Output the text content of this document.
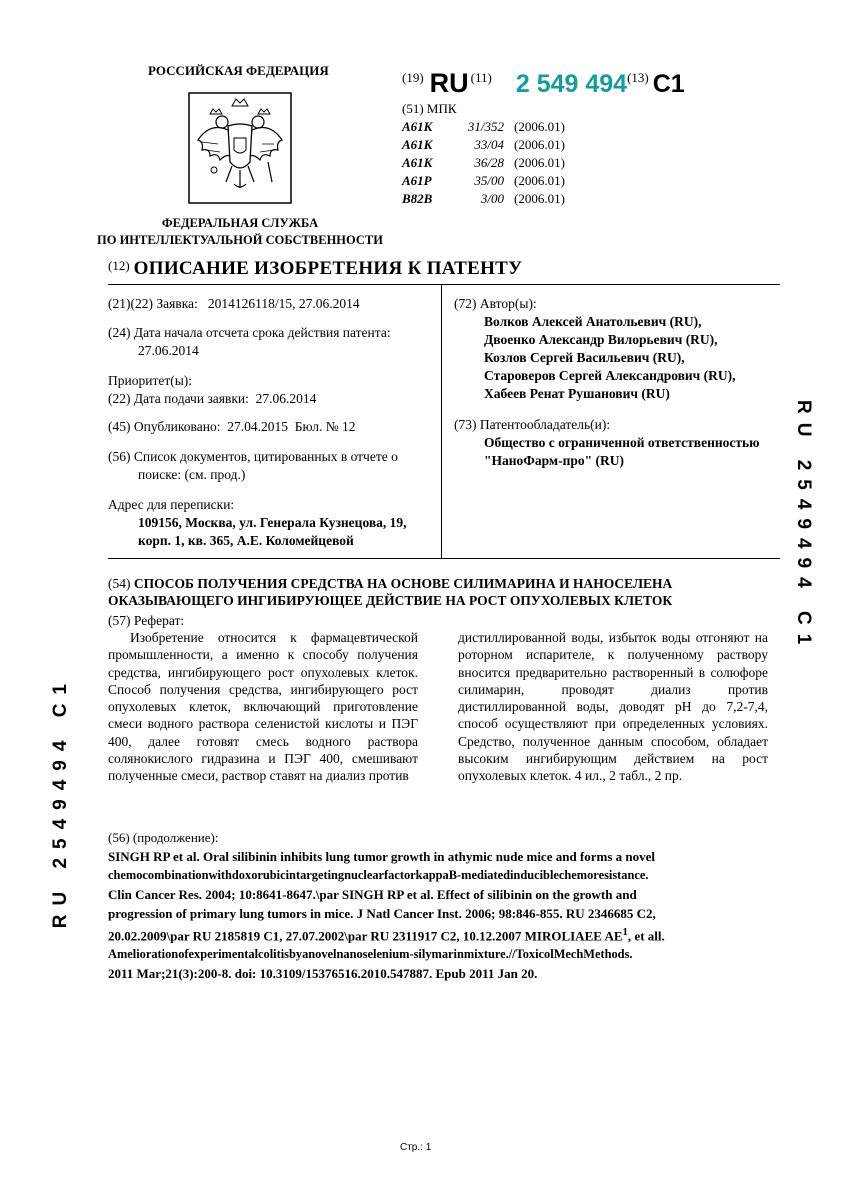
РОССИЙСКАЯ ФЕДЕРАЦИЯ
ФЕДЕРАЛЬНАЯ СЛУЖБА
ПО ИНТЕЛЛЕКТУАЛЬНОЙ СОБСТВЕННОСТИ
$^{(19)}$ RU $^{(11)}$ 2 549 494$^{(13)}$ C1
(51) МПК
A61K	31/352 (2006.01)
A61K	33/04 (2006.01)
A61K	36/28 (2006.01)
A61P	35/00 (2006.01)
B82B	3/00 (2006.01)
$^{(12)}$ ОПИСАНИЕ ИЗОБРЕТЕНИЯ К ПАТЕНТУ
(21)(22) Заявка: 2014126118/15, 27.06.2014
(24) Дата начала отсчета срока действия патента:
27.06.2014
Приоритет(ы):
(22) Дата подачи заявки: 27.06.2014
(45) Опубликовано: 27.04.2015 Бюл. № 12
(56) Список документов, цитированных в отчете о
поиске: (см. прод.)
Адрес для переписки:
109156, Москва, ул. Генерала Кузнецова, 19,
корп. 1, кв. 365, А.Е. Коломейцевой
(72) Автор(ы):
Волков Алексей Анатольевич (RU),
Двоенко Александр Вилорьевич (RU),
Козлов Сергей Васильевич (RU),
Староверов Сергей Александрович (RU),
Хабеев Ренат Рушанович (RU)
(73) Патентообладатель(и):
Общество с ограниченной ответственностью
"НаноФарм-про" (RU)
(54) СПОСОБ ПОЛУЧЕНИЯ СРЕДСТВА НА ОСНОВЕ СИЛИМАРИНА И НАНОСЕЛЕНА
ОКАЗЫВАЮЩЕГО ИНГИБИРУЮЩЕЕ ДЕЙСТВИЕ НА РОСТ ОПУХОЛЕВЫХ КЛЕТОК
(57) Реферат:
Изобретение относится к фармацевтической промышленности, а именно к способу получения средства, ингибирующего рост опухолевых клеток. Способ получения средства, ингибирующего рост опухолевых клеток, включающий приготовление смеси водного раствора селенистой кислоты и ПЭГ 400, далее готовят смесь водного раствора солянокислого гидразина и ПЭГ 400, смешивают полученные смеси, раствор ставят на диализ против
дистиллированной воды, избыток воды отгоняют на роторном испарителе, к полученному раствору вносится предварительно растворенный в солюфоре силимарин, проводят диализ против дистиллированной воды, доводят pH до 7,2-7,4, способ осуществляют при определенных условиях. Средство, полученное данным способом, обладает высоким ингибирующим действием на рост опухолевых клеток. 4 ил., 2 табл., 2 пр.
(56) (продолжение):
SINGH RP et al. Oral silibinin inhibits lung tumor growth in athymic nude mice and forms a novel
chemocombinationwithdoxorubicintargetingnuclearfactorkappaB-mediatedinduciblechemoresistance.
Clin Cancer Res. 2004; 10:8641-8647.\par SINGH RP et al. Effect of silibinin on the growth and
progression of primary lung tumors in mice. J Natl Cancer Inst. 2006; 98:846-855. RU 2346685 C2,
20.02.2009\par RU 2185819 C1, 27.07.2002\par RU 2311917 C2, 10.12.2007 MIROLIAEE $AE^1$, et all.
Ameliorationofexperimentalcolitisbyanovelnanoselenium-silymarinmixture.//ToxicolMechMethods.
2011 Mar;21(3):200-8. doi: 10.3109/15376516.2010.547887. Epub 2011 Jan 20.
RU 2549494 C1
RU 2549494 C1
Стр.: 1
